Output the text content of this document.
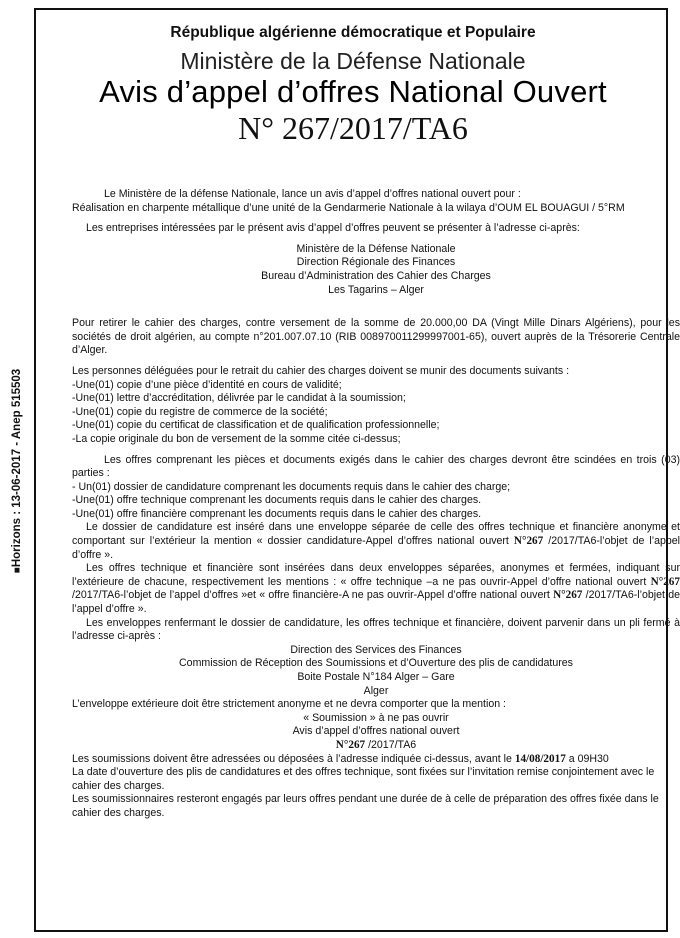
■Horizons : 13-06-2017 - Anep 515503
République algérienne démocratique et Populaire
Ministère de la Défense Nationale
Avis d’appel d’offres National Ouvert
N° 267/2017/TA6

Le Ministère de la défense Nationale, lance un avis d’appel d’offres national ouvert pour :

Réalisation en charpente métallique d’une unité de la Gendarmerie Nationale à la wilaya d’OUM EL BOUAGUI / 5°RM

Les entreprises intéressées par le présent avis d’appel d’offres peuvent se présenter à l’adresse ci-après:

Ministère de la Défense Nationale

Direction Régionale des Finances

Bureau d’Administration des Cahier des Charges

Les Tagarins – Alger

Pour retirer le cahier des charges, contre versement de la somme de 20.000,00 DA (Vingt Mille Dinars Algériens), pour les sociétés de droit algérien, au compte n°201.007.07.10 (RIB 008970011299997001-65), ouvert auprès de la Trésorerie Centrale d’Alger.

Les personnes déléguées pour le retrait du cahier des charges doivent se munir des documents suivants :

-Une(01) copie d’une pièce d’identité en cours de validité;

-Une(01) lettre d’accréditation, délivrée par le candidat à la soumission;

-Une(01) copie du registre de commerce de la société;

-Une(01) copie du certificat de classification et de qualification professionnelle;

-La copie originale du bon de versement de la somme citée ci-dessus;

Les offres comprenant les pièces et documents exigés dans le cahier des charges devront être scindées en trois (03) parties :

- Un(01) dossier de candidature comprenant les documents requis dans le cahier des charge;

-Une(01) offre technique comprenant les documents requis dans le cahier des charges.

-Une(01) offre financière comprenant les documents requis dans le cahier des charges.

Le dossier de candidature est inséré dans une enveloppe séparée de celle des offres technique et financière anonyme et comportant sur l’extérieur la mention « dossier candidature-Appel d’offres national ouvert N°267 /2017/TA6-l’objet de l’appel d’offre ».

Les offres technique et financière sont insérées dans deux enveloppes séparées, anonymes et fermées, indiquant sur l’extérieure de chacune, respectivement les mentions : « offre technique –a ne pas ouvrir-Appel d’offre national ouvert N°267 /2017/TA6-l’objet de l’appel d’offres »et « offre financière-A ne pas ouvrir-Appel d’offre national ouvert N°267 /2017/TA6-l’objet de l’appel d’offre ».

Les enveloppes renfermant le dossier de candidature, les offres technique et financière, doivent parvenir dans un pli fermé à l’adresse ci-après :

Direction des Services des Finances

Commission de Réception des Soumissions et d’Ouverture des plis de candidatures

Boite Postale N°184 Alger – Gare

Alger

L’enveloppe extérieure doit être strictement anonyme et ne devra comporter que la mention :

« Soumission » à ne pas ouvrir

Avis d’appel d’offres national ouvert

N°267 /2017/TA6

Les soumissions doivent être adressées ou déposées à l’adresse indiquée ci-dessus, avant le 14/08/2017 a 09H30

La date d’ouverture des plis de candidatures et des offres technique, sont fixées sur l’invitation remise conjointement avec le cahier des charges.

Les soumissionnaires resteront engagés par leurs offres pendant une durée de à celle de préparation des offres fixée dans le cahier des charges.
